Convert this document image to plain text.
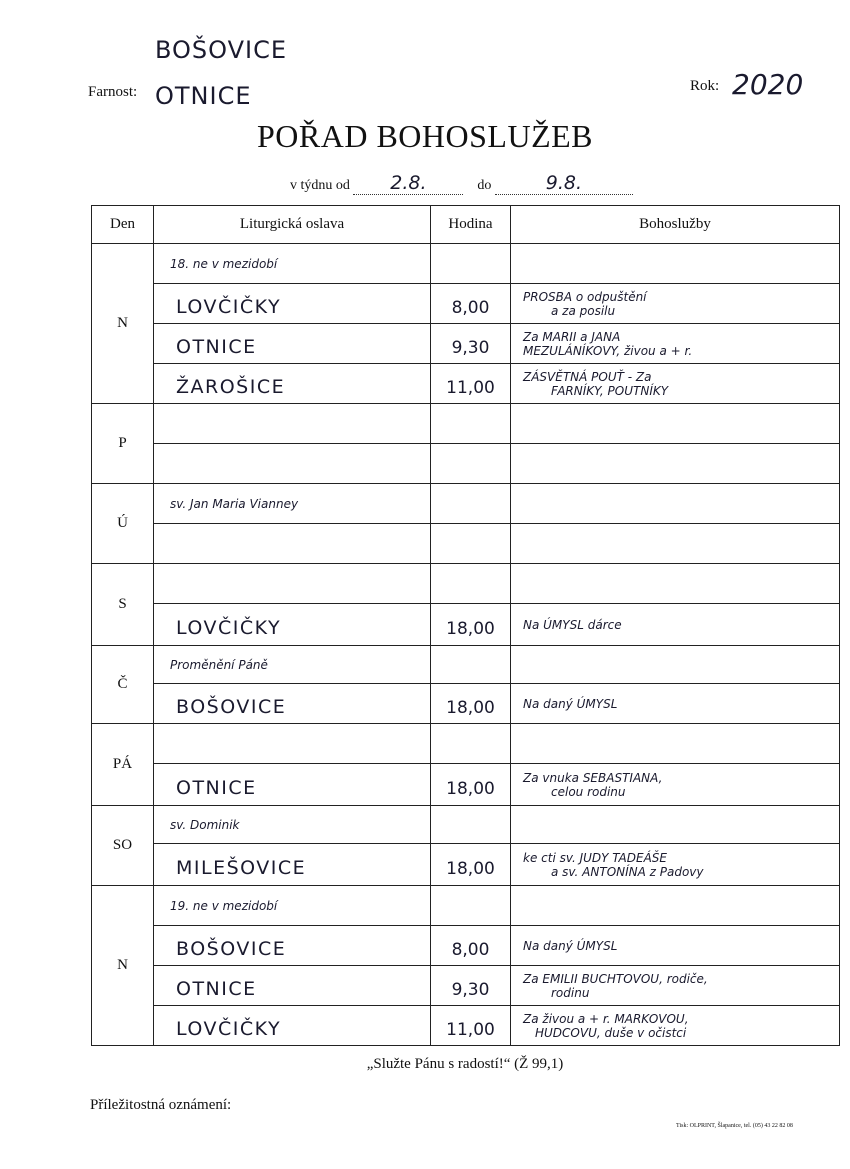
BOŠOVICE
Farnost: OTNICE	Rok: 2020
POŘAD BOHOSLUŽEB
v týdnu od 2.8.	do	9.8.
Den	Liturgická oslava	Hodina	Bohoslužby
N	18. ne v mezidobí		

	LOVČIČKY	8,00	PROSBA o odpuštění
a za posilu

	OTNICE	9,30	Za MARII a JANA
MEZULÁNÍKOVY, živou a + r.

	ŽAROŠICE	11,00	ZÁSVĚTNÁ POUŤ - Za
FARNÍKY, POUTNÍKY

P			

Ú	sv. Jan Maria Vianney		

S			

	LOVČIČKY	18,00	Na ÚMYSL dárce

Č	Proměnění Páně		

	BOŠOVICE	18,00	Na daný ÚMYSL

PÁ			

	OTNICE	18,00	Za vnuka SEBASTIANA,
celou rodinu

SO	sv. Dominik		

	MILEŠOVICE	18,00	ke cti sv. JUDY TADEÁŠE
a sv. ANTONÍNA z Padovy

N	19. ne v mezidobí		

	BOŠOVICE	8,00	Na daný ÚMYSL

	OTNICE	9,30	Za EMILII BUCHTOVOU, rodiče,
rodinu

	LOVČIČKY	11,00	Za živou a + r. MARKOVOU,
HUDCOVU, duše v očistci
„Služte Pánu s radostí!“ (Ž 99,1)
Příležitostná oznámení:
Tisk: OLPRINT, Šlapanice, tel. (05) 43 22 82 08
